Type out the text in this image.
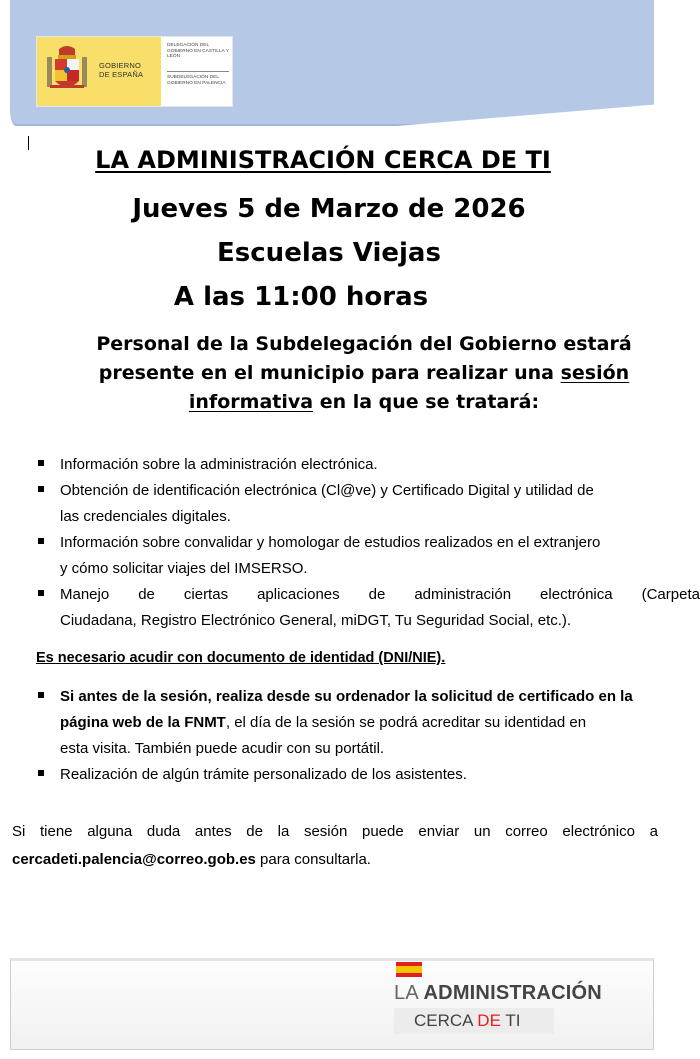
GOBIERNO
DE ESPAÑA
DELEGACIÓN DEL GOBIERNO EN CASTILLA Y LEÓN
SUBDELEGACIÓN DEL GOBIERNO EN PALENCIA
LA ADMINISTRACIÓN CERCA DE TI
Jueves 5 de Marzo de 2026
Escuelas Viejas
A las 11:00 horas
Personal de la Subdelegación del Gobierno estará presente en el municipio para realizar una sesión informativa en la que se tratará:
Información sobre la administración electrónica.
Obtención de identificación electrónica (Cl@ve) y Certificado Digital y utilidad de
las credenciales digitales.
Información sobre convalidar y homologar de estudios realizados en el extranjero
y cómo solicitar viajes del IMSERSO.
Manejo de ciertas aplicaciones de administración electrónica (Carpeta
Ciudadana, Registro Electrónico General, miDGT, Tu Seguridad Social, etc.).
Es necesario acudir con documento de identidad (DNI/NIE).
Si antes de la sesión, realiza desde su ordenador la solicitud de certificado en la
página web de la FNMT, el día de la sesión se podrá acreditar su identidad en
esta visita. También puede acudir con su portátil.
Realización de algún trámite personalizado de los asistentes.
Si tiene alguna duda antes de la sesión puede enviar un correo electrónico a
cercadeti.palencia@correo.gob.es para consultarla.
LA ADMINISTRACIÓN
CERCA DE TI
